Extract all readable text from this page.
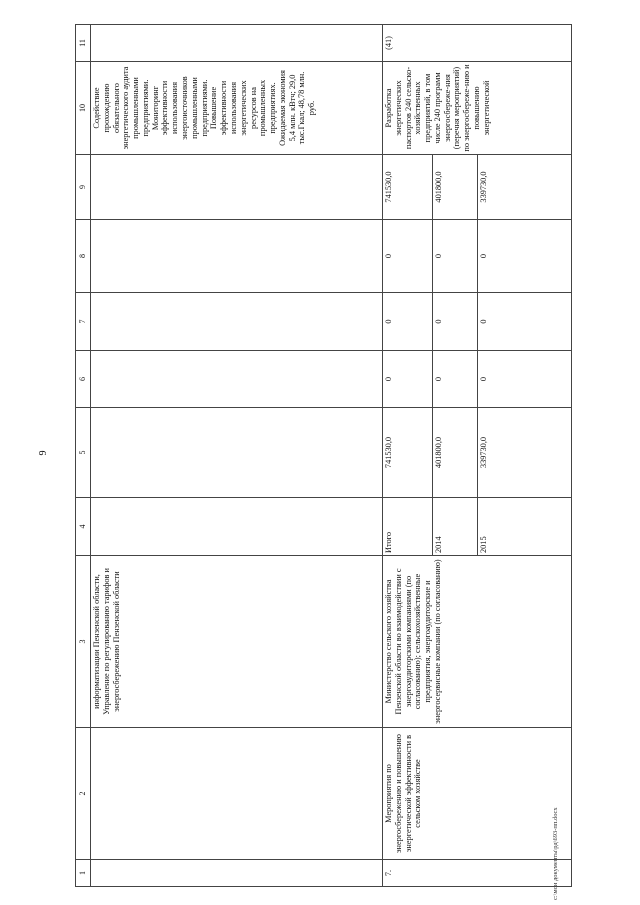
9
c:\мои документы\рд\693-пп.docx
1	2	3	4	5	6	7	8	9	10	11
		информатизации Пензенской области, Управление по регулированию тарифов и энергосбережению Пензенской области							Содействие прохождению обязательного энергетического аудита промышленными предприятиями. Мониторинг эффективности использования энергоисточников промышленными предприятиями. Повышение эффективности использования энергетических ресурсов на промышленных предприятиях. Ожидаемая экономия 5,4 млн. кВтч; 29,0 тыс.Гкал; 48,78 млн. руб.	
7.	Мероприятия по энергосбережению и повышению энергетической эффективности в сельском хозяйстве	Министерство сельского хозяйства Пензенской области во взаимодействии с энергоаудиторскими компаниями (по согласованию); сельскохозяйственные предприятия, энергоаудиторские и энергосервисные компании (по согласованию)	Итого	741530,0	0	0	0	741530,0	Разработка энергетических паспортов 240 сельско-хозяйственных предприятий, в том числе 240 программ энергосбереже-ния (перечня мероприятий) по энергосбереже-нию и повышению энергетической	(41)
			2014	401800,0	0	0	0	401800,0		
			2015	339730,0	0	0	0	339730,0		
